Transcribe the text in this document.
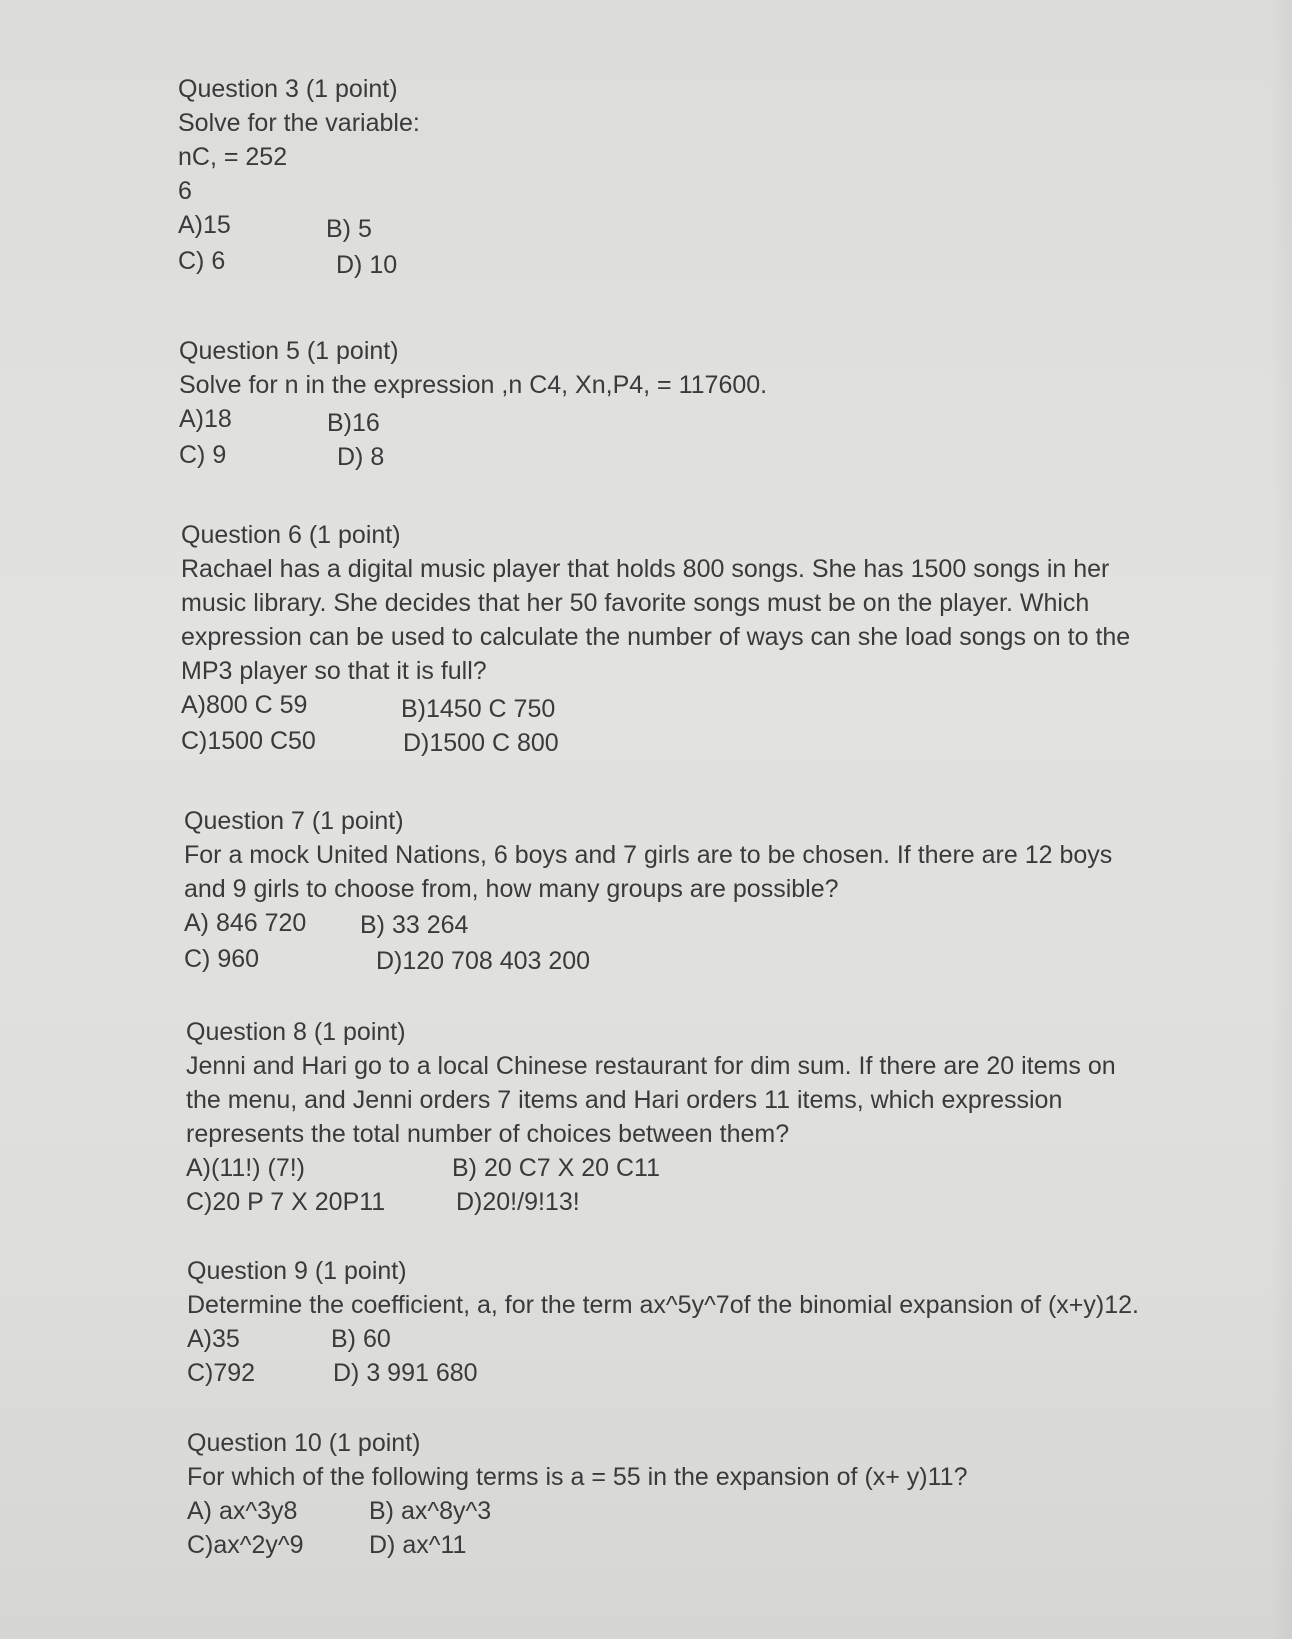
Question 3 (1 point)
Solve for the variable:
nC, = 252
6
A)15	B) 5
C) 6	D) 10
Question 5 (1 point)
Solve for n in the expression ,n C4, Xn,P4, = 117600.
A)18	B)16
C) 9	D) 8
Question 6 (1 point)
Rachael has a digital music player that holds 800 songs. She has 1500 songs in her
music library. She decides that her 50 favorite songs must be on the player. Which
expression can be used to calculate the number of ways can she load songs on to the
MP3 player so that it is full?
A)800 C 59	B)1450 C 750
C)1500 C50	D)1500 C 800
Question 7 (1 point)
For a mock United Nations, 6 boys and 7 girls are to be chosen. If there are 12 boys
and 9 girls to choose from, how many groups are possible?
A) 846 720 B) 33 264
C) 960	D)120 708 403 200
Question 8 (1 point)
Jenni and Hari go to a local Chinese restaurant for dim sum. If there are 20 items on
the menu, and Jenni orders 7 items and Hari orders 11 items, which expression
represents the total number of choices between them?
A)(11!) (7!)	B) 20 C7 X 20 C11
C)20 P 7 X 20P11	D)20!/9!13!
Question 9 (1 point)
Determine the coefficient, a, for the term ax^5y^7of the binomial expansion of (x+y)12.
A)35	B) 60
C)792	D) 3 991 680
Question 10 (1 point)
For which of the following terms is a = 55 in the expansion of (x+ y)11?
A) ax^3y8	B) ax^8y^3
C)ax^2y^9	D) ax^11
